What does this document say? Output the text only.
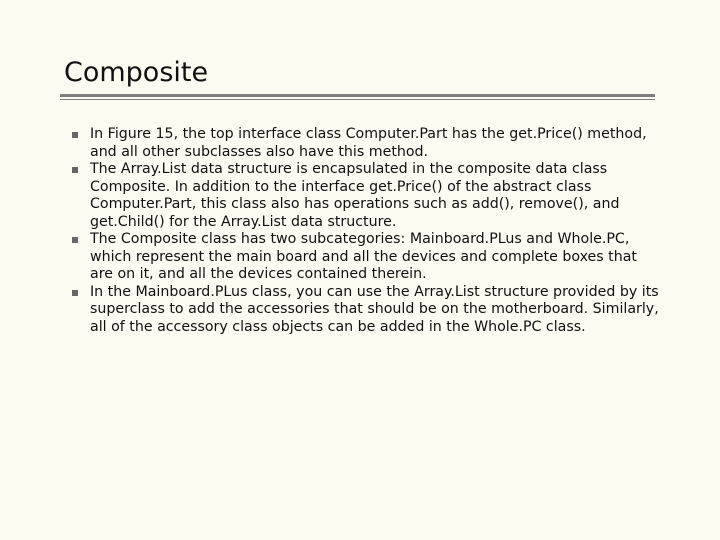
Composite
In Figure 15, the top interface class Computer.Part has the get.Price() method, and all other subclasses also have this method.
The Array.List data structure is encapsulated in the composite data class Composite. In addition to the interface get.Price() of the abstract class Computer.Part, this class also has operations such as add(), remove(), and get.Child() for the Array.List data structure.
The Composite class has two subcategories: Mainboard.PLus and Whole.PC, which represent the main board and all the devices and complete boxes that are on it, and all the devices contained therein.
In the Mainboard.PLus class, you can use the Array.List structure provided by its superclass to add the accessories that should be on the motherboard. Similarly, all of the accessory class objects can be added in the Whole.PC class.
